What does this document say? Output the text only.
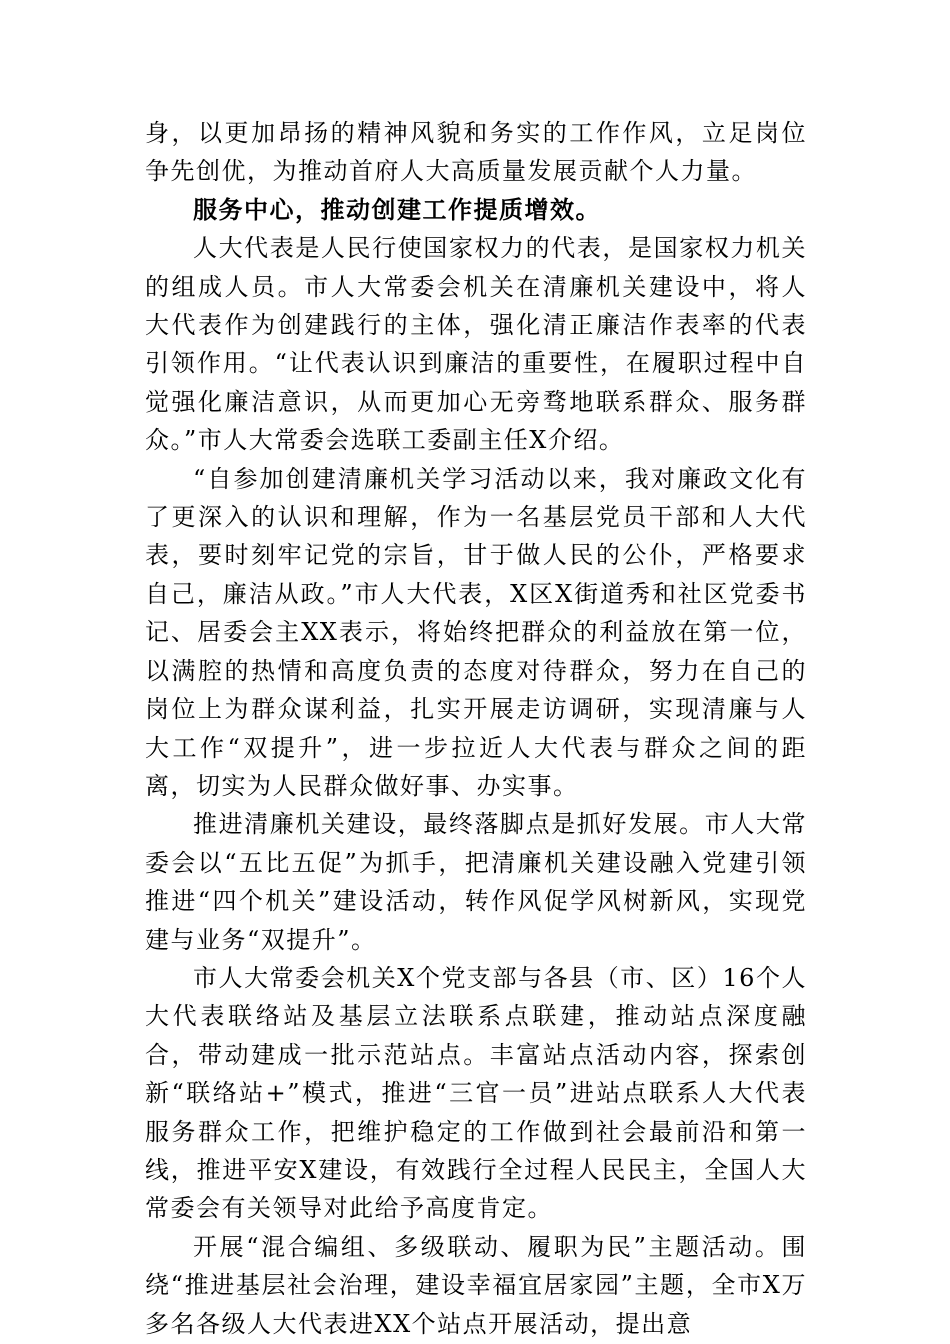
身，以更加昂扬的精神风貌和务实的工作作风，立足岗位争先创优，为推动首府人大高质量发展贡献个人力量。

服务中心，推动创建工作提质增效。

人大代表是人民行使国家权力的代表，是国家权力机关的组成人员。市人大常委会机关在清廉机关建设中，将人大代表作为创建践行的主体，强化清正廉洁作表率的代表引领作用。“让代表认识到廉洁的重要性，在履职过程中自觉强化廉洁意识，从而更加心无旁骛地联系群众、服务群众。”市人大常委会选联工委副主任X介绍。

“自参加创建清廉机关学习活动以来，我对廉政文化有了更深入的认识和理解，作为一名基层党员干部和人大代表，要时刻牢记党的宗旨，甘于做人民的公仆，严格要求自己，廉洁从政。”市人大代表，X区X街道秀和社区党委书记、居委会主XX表示，将始终把群众的利益放在第一位，以满腔的热情和高度负责的态度对待群众，努力在自己的岗位上为群众谋利益，扎实开展走访调研，实现清廉与人大工作“双提升”，进一步拉近人大代表与群众之间的距离，切实为人民群众做好事、办实事。

推进清廉机关建设，最终落脚点是抓好发展。市人大常委会以“五比五促”为抓手，把清廉机关建设融入党建引领推进“四个机关”建设活动，转作风促学风树新风，实现党建与业务“双提升”。

市人大常委会机关X个党支部与各县（市、区）16个人大代表联络站及基层立法联系点联建，推动站点深度融合，带动建成一批示范站点。丰富站点活动内容，探索创新“联络站+”模式，推进“三官一员”进站点联系人大代表服务群众工作，把维护稳定的工作做到社会最前沿和第一线，推进平安X建设，有效践行全过程人民民主，全国人大常委会有关领导对此给予高度肯定。

开展“混合编组、多级联动、履职为民”主题活动。围绕“推进基层社会治理，建设幸福宜居家园”主题，全市X万多名各级人大代表进XX个站点开展活动，提出意
